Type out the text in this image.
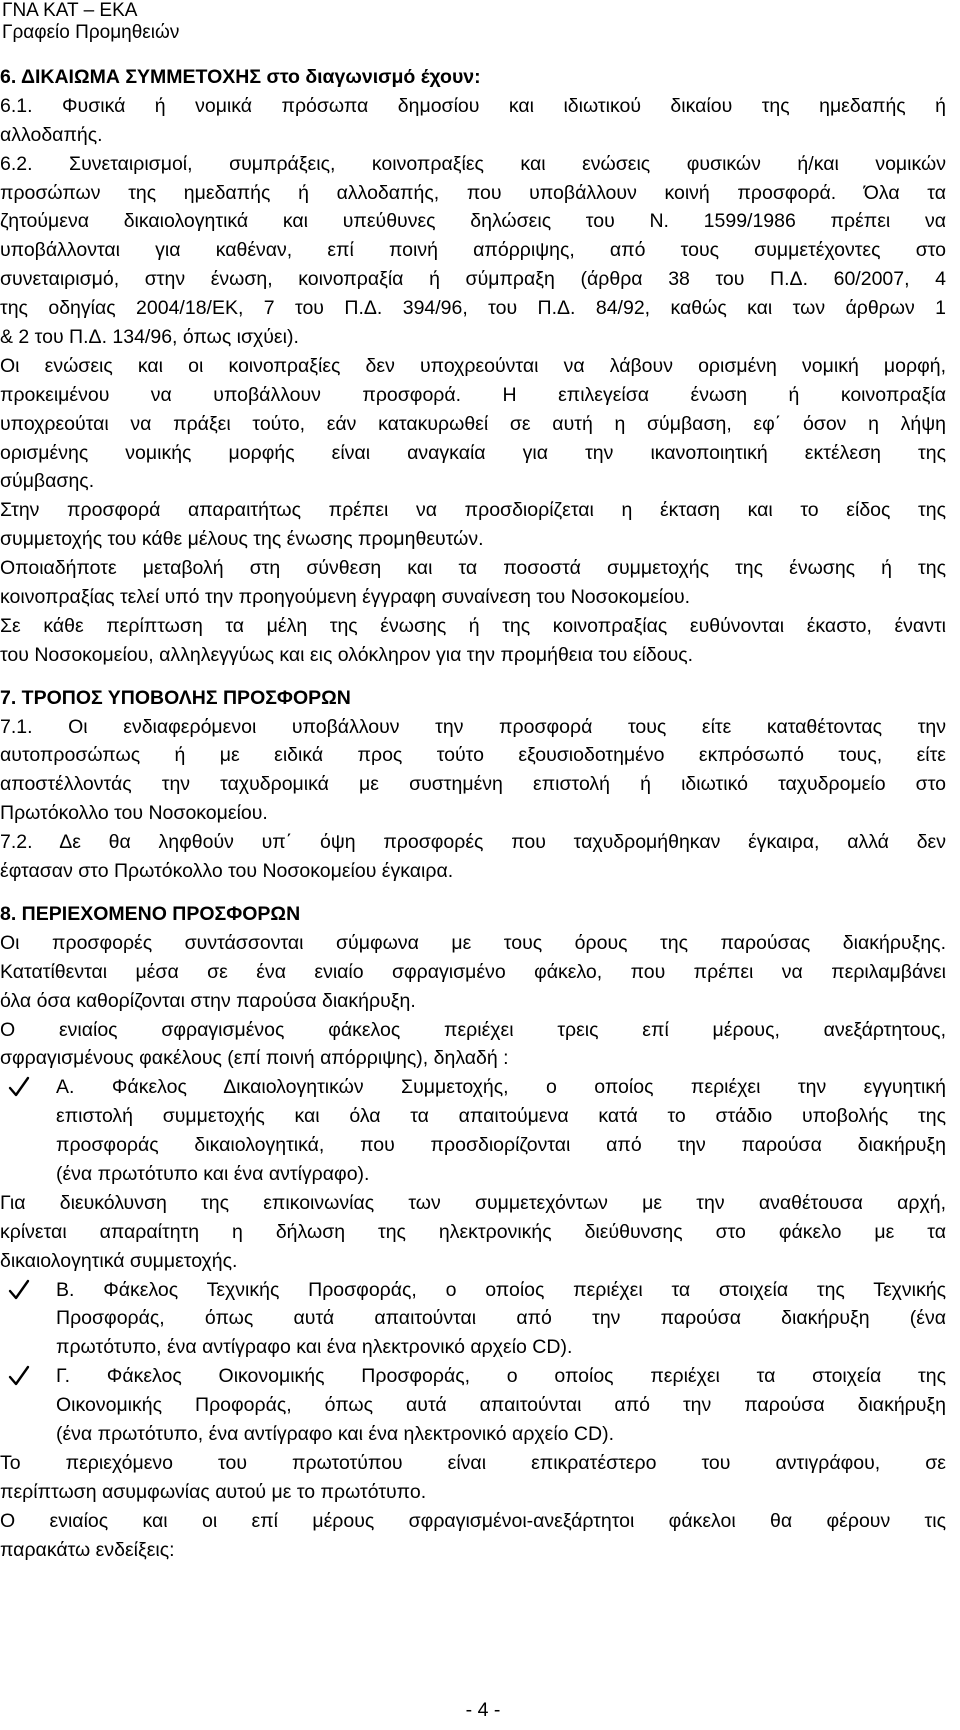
ΓΝΑ ΚΑΤ – ΕΚΑ
Γραφείο Προμηθειών
6. ΔΙΚΑΙΩΜΑ ΣΥΜΜΕΤΟΧΗΣ στο διαγωνισμό έχουν:
6.1. Φυσικά ή νομικά πρόσωπα δημοσίου και ιδιωτικού δικαίου της ημεδαπής ή
αλλοδαπής.
6.2. Συνεταιρισμοί, συμπράξεις, κοινοπραξίες και ενώσεις φυσικών ή/και νομικών
προσώπων της ημεδαπής ή αλλοδαπής, που υποβάλλουν κοινή προσφορά. Όλα τα
ζητούμενα δικαιολογητικά και υπεύθυνες δηλώσεις του Ν. 1599/1986 πρέπει να
υποβάλλονται για καθέναν, επί ποινή απόρριψης, από τους συμμετέχοντες στο
συνεταιρισμό, στην ένωση, κοινοπραξία ή σύμπραξη (άρθρα 38 του Π.Δ. 60/2007, 4
της οδηγίας 2004/18/ΕΚ, 7 του Π.Δ. 394/96, του Π.Δ. 84/92, καθώς και των άρθρων 1
& 2 του Π.Δ. 134/96, όπως ισχύει).
Οι ενώσεις και οι κοινοπραξίες δεν υποχρεούνται να λάβουν ορισμένη νομική μορφή,
προκειμένου να υποβάλλουν προσφορά. Η επιλεγείσα ένωση ή κοινοπραξία
υποχρεούται να πράξει τούτο, εάν κατακυρωθεί σε αυτή η σύμβαση, εφ΄ όσον η λήψη
ορισμένης νομικής μορφής είναι αναγκαία για την ικανοποιητική εκτέλεση της
σύμβασης.
Στην προσφορά απαραιτήτως πρέπει να προσδιορίζεται η έκταση και το είδος της
συμμετοχής του κάθε μέλους της ένωσης προμηθευτών.
Οποιαδήποτε μεταβολή στη σύνθεση και τα ποσοστά συμμετοχής της ένωσης ή της
κοινοπραξίας τελεί υπό την προηγούμενη έγγραφη συναίνεση του Νοσοκομείου.
Σε κάθε περίπτωση τα μέλη της ένωσης ή της κοινοπραξίας ευθύνονται έκαστο, έναντι
του Νοσοκομείου, αλληλεγγύως και εις ολόκληρον για την προμήθεια του είδους.
7. ΤΡΟΠΟΣ ΥΠΟΒΟΛΗΣ ΠΡΟΣΦΟΡΩΝ
7.1. Οι ενδιαφερόμενοι υποβάλλουν την προσφορά τους είτε καταθέτοντας την
αυτοπροσώπως ή με ειδικά προς τούτο εξουσιοδοτημένο εκπρόσωπό τους, είτε
αποστέλλοντάς την ταχυδρομικά με συστημένη επιστολή ή ιδιωτικό ταχυδρομείο στο
Πρωτόκολλο του Νοσοκομείου.
7.2. Δε θα ληφθούν υπ΄ όψη προσφορές που ταχυδρομήθηκαν έγκαιρα, αλλά δεν
έφτασαν στο Πρωτόκολλο του Νοσοκομείου έγκαιρα.
8. ΠΕΡΙΕΧΟΜΕΝΟ ΠΡΟΣΦΟΡΩΝ
Οι προσφορές συντάσσονται σύμφωνα με τους όρους της παρούσας διακήρυξης.
Κατατίθενται μέσα σε ένα ενιαίο σφραγισμένο φάκελο, που πρέπει να περιλαμβάνει
όλα όσα καθορίζονται στην παρούσα διακήρυξη.
Ο ενιαίος σφραγισμένος φάκελος περιέχει τρεις επί μέρους, ανεξάρτητους,
σφραγισμένους φακέλους (επί ποινή απόρριψης), δηλαδή :
Α. Φάκελος Δικαιολογητικών Συμμετοχής, ο οποίος περιέχει την εγγυητική
επιστολή συμμετοχής και όλα τα απαιτούμενα κατά το στάδιο υποβολής της
προσφοράς δικαιολογητικά, που προσδιορίζονται από την παρούσα διακήρυξη
(ένα πρωτότυπο και ένα αντίγραφο).
Για διευκόλυνση της επικοινωνίας των συμμετεχόντων με την αναθέτουσα αρχή,
κρίνεται απαραίτητη η δήλωση της ηλεκτρονικής διεύθυνσης στο φάκελο με τα
δικαιολογητικά συμμετοχής.
Β. Φάκελος Τεχνικής Προσφοράς, ο οποίος περιέχει τα στοιχεία της Τεχνικής
Προσφοράς, όπως αυτά απαιτούνται από την παρούσα διακήρυξη (ένα
πρωτότυπο, ένα αντίγραφο και ένα ηλεκτρονικό αρχείο CD).
Γ. Φάκελος Οικονομικής Προσφοράς, ο οποίος περιέχει τα στοιχεία της
Οικονομικής Προφοράς, όπως αυτά απαιτούνται από την παρούσα διακήρυξη
(ένα πρωτότυπο, ένα αντίγραφο και ένα ηλεκτρονικό αρχείο CD).
Το περιεχόμενο του πρωτοτύπου είναι επικρατέστερο του αντιγράφου, σε
περίπτωση ασυμφωνίας αυτού με το πρωτότυπο.
Ο ενιαίος και οι επί μέρους σφραγισμένοι-ανεξάρτητοι φάκελοι θα φέρουν τις
παρακάτω ενδείξεις:
- 4 -
